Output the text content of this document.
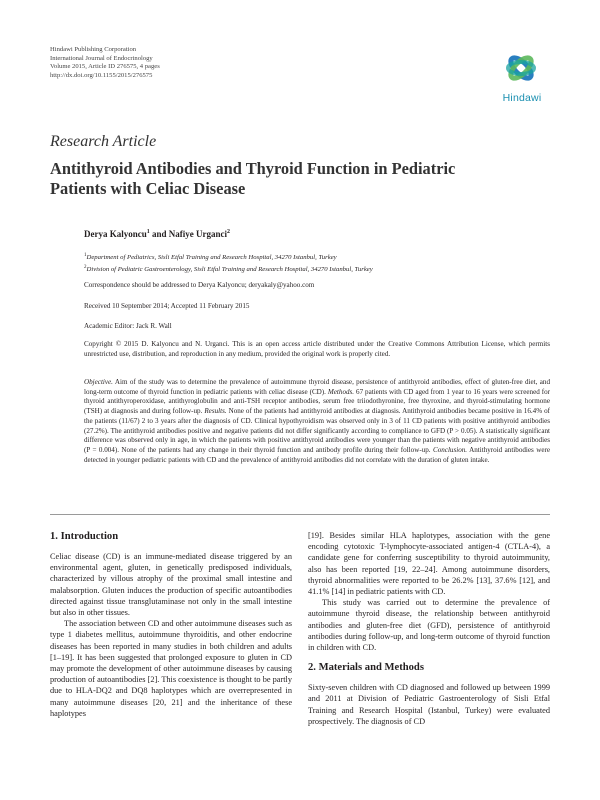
Hindawi Publishing Corporation
International Journal of Endocrinology
Volume 2015, Article ID 276575, 4 pages
http://dx.doi.org/10.1155/2015/276575
Hindawi
Research Article
Antithyroid Antibodies and Thyroid Function in Pediatric Patients with Celiac Disease
Derya Kalyoncu$^1$ and Nafiye Urganci$^2$
$^1$Department of Pediatrics, Sisli Etfal Training and Research Hospital, 34270 Istanbul, Turkey
$^2$Division of Pediatric Gastroenterology, Sisli Etfal Training and Research Hospital, 34270 Istanbul, Turkey
Correspondence should be addressed to Derya Kalyoncu; deryakaly@yahoo.com
Received 10 September 2014; Accepted 11 February 2015
Academic Editor: Jack R. Wall
Copyright © 2015 D. Kalyoncu and N. Urganci. This is an open access article distributed under the Creative Commons Attribution License, which permits unrestricted use, distribution, and reproduction in any medium, provided the original work is properly cited.
Objective. Aim of the study was to determine the prevalence of autoimmune thyroid disease, persistence of antithyroid antibodies, effect of gluten-free diet, and long-term outcome of thyroid function in pediatric patients with celiac disease (CD). Methods. 67 patients with CD aged from 1 year to 16 years were screened for thyroid antithyroperoxidase, antithyroglobulin and anti-TSH receptor antibodies, serum free triiodothyronine, free thyroxine, and thyroid-stimulating hormone (TSH) at diagnosis and during follow-up. Results. None of the patients had antithyroid antibodies at diagnosis. Antithyroid antibodies became positive in 16.4% of the patients (11/67) 2 to 3 years after the diagnosis of CD. Clinical hypothyroidism was observed only in 3 of 11 CD patients with positive antithyroid antibodies (27.2%). The antithyroid antibodies positive and negative patients did not differ significantly according to compliance to GFD (P > 0.05). A statistically significant difference was observed only in age, in which the patients with positive antithyroid antibodies were younger than the patients with negative antithyroid antibodies (P = 0.004). None of the patients had any change in their thyroid function and antibody profile during their follow-up. Conclusion. Antithyroid antibodies were detected in younger pediatric patients with CD and the prevalence of antithyroid antibodies did not correlate with the duration of gluten intake.
1. Introduction

Celiac disease (CD) is an immune-mediated disease triggered by an environmental agent, gluten, in genetically predisposed individuals, characterized by villous atrophy of the proximal small intestine and malabsorption. Gluten induces the production of specific autoantibodies directed against tissue transglutaminase not only in the small intestine but also in other tissues.

The association between CD and other autoimmune diseases such as type 1 diabetes mellitus, autoimmune thyroiditis, and other endocrine diseases has been reported in many studies in both children and adults [1–19]. It has been suggested that prolonged exposure to gluten in CD may promote the development of other autoimmune diseases by causing production of autoantibodies [2]. This coexistence is thought to be partly due to HLA-DQ2 and DQ8 haplotypes which are overrepresented in many autoimmune diseases [20, 21] and the inheritance of these haplotypes

[19]. Besides similar HLA haplotypes, association with the gene encoding cytotoxic T-lymphocyte-associated antigen-4 (CTLA-4), a candidate gene for conferring susceptibility to thyroid autoimmunity, also has been reported [19, 22–24]. Among autoimmune disorders, thyroid abnormalities were reported to be 26.2% [13], 37.6% [12], and 41.1% [14] in pediatric patients with CD.

This study was carried out to determine the prevalence of autoimmune thyroid disease, the relationship between antithyroid antibodies and gluten-free diet (GFD), persistence of antithyroid antibodies during follow-up, and long-term outcome of thyroid function in children with CD.

2. Materials and Methods

Sixty-seven children with CD diagnosed and followed up between 1999 and 2011 at Division of Pediatric Gastroenterology of Sisli Etfal Training and Research Hospital (Istanbul, Turkey) were evaluated prospectively. The diagnosis of CD
